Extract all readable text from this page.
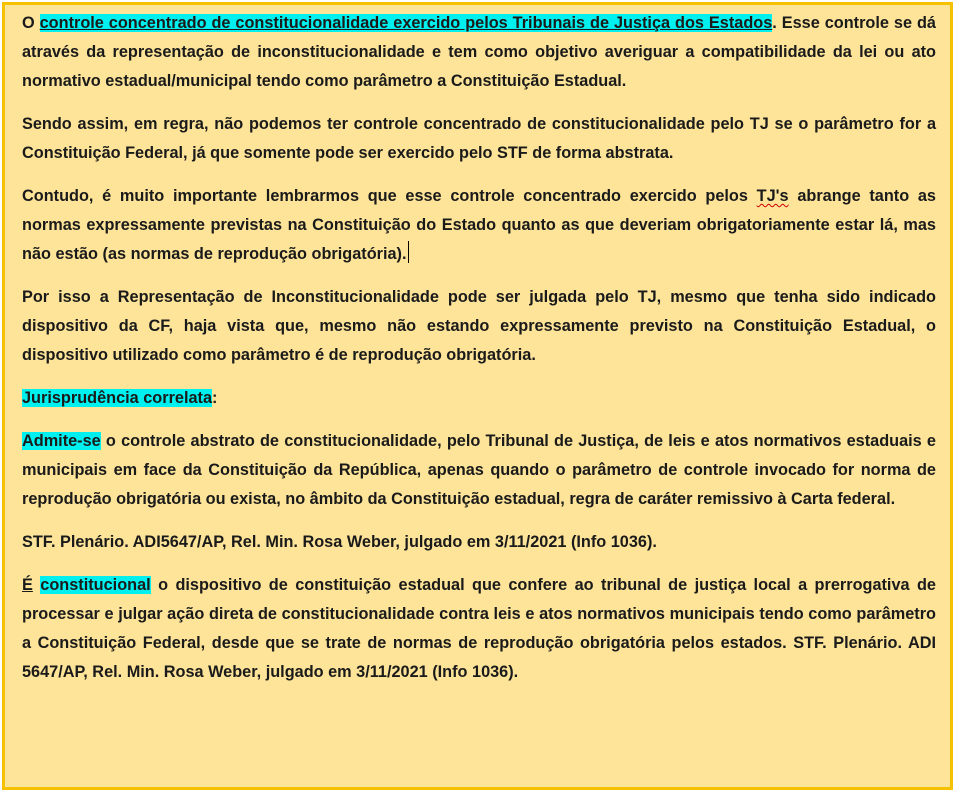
O controle concentrado de constitucionalidade exercido pelos Tribunais de Justiça dos Estados. Esse controle se dá através da representação de inconstitucionalidade e tem como objetivo averiguar a compatibilidade da lei ou ato normativo estadual/municipal tendo como parâmetro a Constituição Estadual.

Sendo assim, em regra, não podemos ter controle concentrado de constitucionalidade pelo TJ se o parâmetro for a Constituição Federal, já que somente pode ser exercido pelo STF de forma abstrata.

Contudo, é muito importante lembrarmos que esse controle concentrado exercido pelos TJ's abrange tanto as normas expressamente previstas na Constituição do Estado quanto as que deveriam obrigatoriamente estar lá, mas não estão (as normas de reprodução obrigatória).

Por isso a Representação de Inconstitucionalidade pode ser julgada pelo TJ, mesmo que tenha sido indicado dispositivo da CF, haja vista que, mesmo não estando expressamente previsto na Constituição Estadual, o dispositivo utilizado como parâmetro é de reprodução obrigatória.

Jurisprudência correlata:

Admite-se o controle abstrato de constitucionalidade, pelo Tribunal de Justiça, de leis e atos normativos estaduais e municipais em face da Constituição da República, apenas quando o parâmetro de controle invocado for norma de reprodução obrigatória ou exista, no âmbito da Constituição estadual, regra de caráter remissivo à Carta federal.

STF. Plenário. ADI5647/AP, Rel. Min. Rosa Weber, julgado em 3/11/2021 (Info 1036).

É constitucional o dispositivo de constituição estadual que confere ao tribunal de justiça local a prerrogativa de processar e julgar ação direta de constitucionalidade contra leis e atos normativos municipais tendo como parâmetro a Constituição Federal, desde que se trate de normas de reprodução obrigatória pelos estados. STF. Plenário. ADI 5647/AP, Rel. Min. Rosa Weber, julgado em 3/11/2021 (Info 1036).
